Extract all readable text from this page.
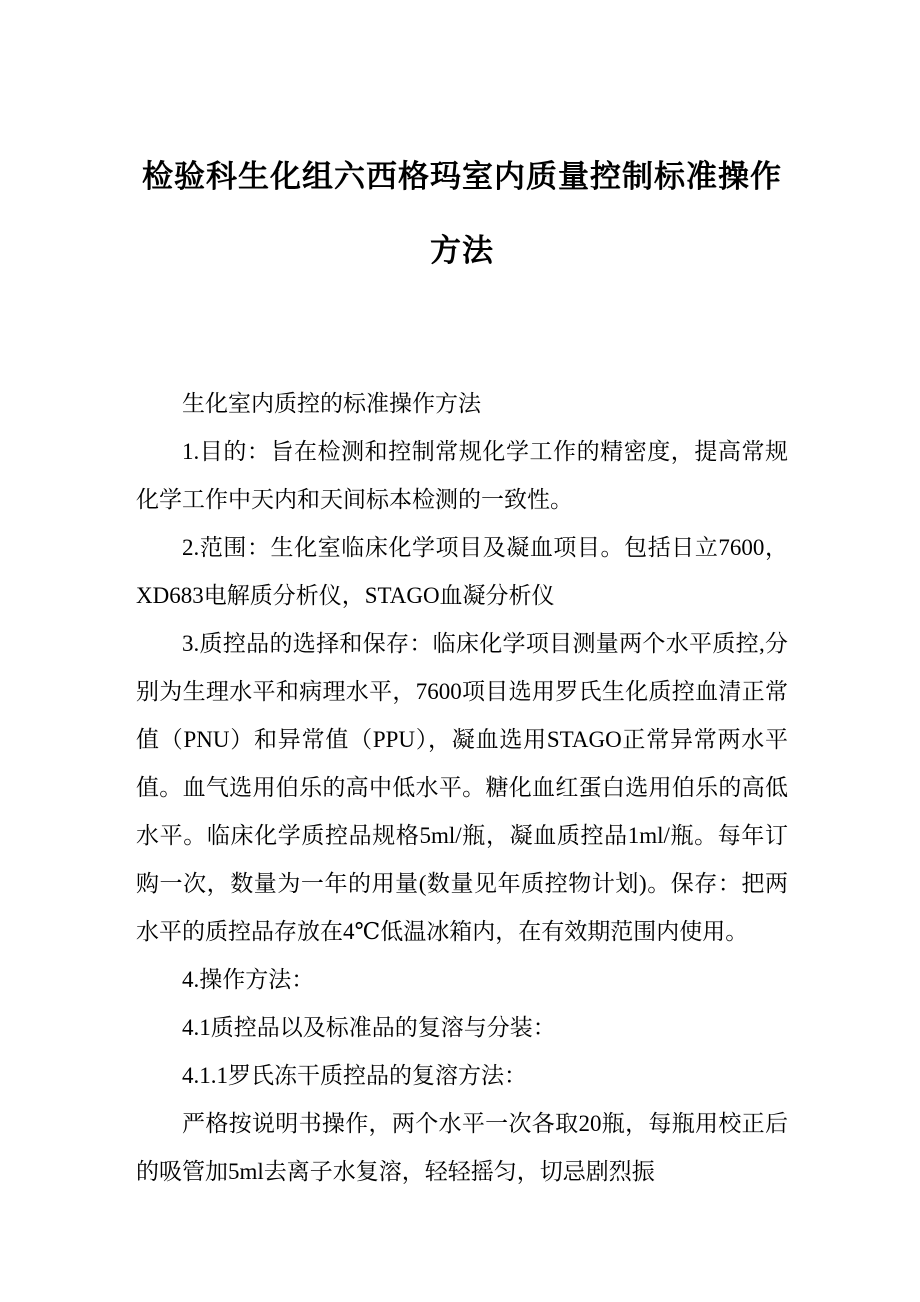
检验科生化组六西格玛室内质量控制标准操作方法

生化室内质控的标准操作方法

1.目的：旨在检测和控制常规化学工作的精密度，提高常规化学工作中天内和天间标本检测的一致性。

2.范围：生化室临床化学项目及凝血项目。包括日立7600，XD683电解质分析仪，STAGO血凝分析仪

3.质控品的选择和保存：临床化学项目测量两个水平质控,分别为生理水平和病理水平，7600项目选用罗氏生化质控血清正常值（PNU）和异常值（PPU），凝血选用STAGO正常异常两水平值。血气选用伯乐的高中低水平。糖化血红蛋白选用伯乐的高低水平。临床化学质控品规格5ml/瓶，凝血质控品1ml/瓶。每年订购一次，数量为一年的用量(数量见年质控物计划)。保存：把两水平的质控品存放在4℃低温冰箱内，在有效期范围内使用。

4.操作方法：

4.1质控品以及标准品的复溶与分装：

4.1.1罗氏冻干质控品的复溶方法：

严格按说明书操作，两个水平一次各取20瓶，每瓶用校正后的吸管加5ml去离子水复溶，轻轻摇匀，切忌剧烈振
